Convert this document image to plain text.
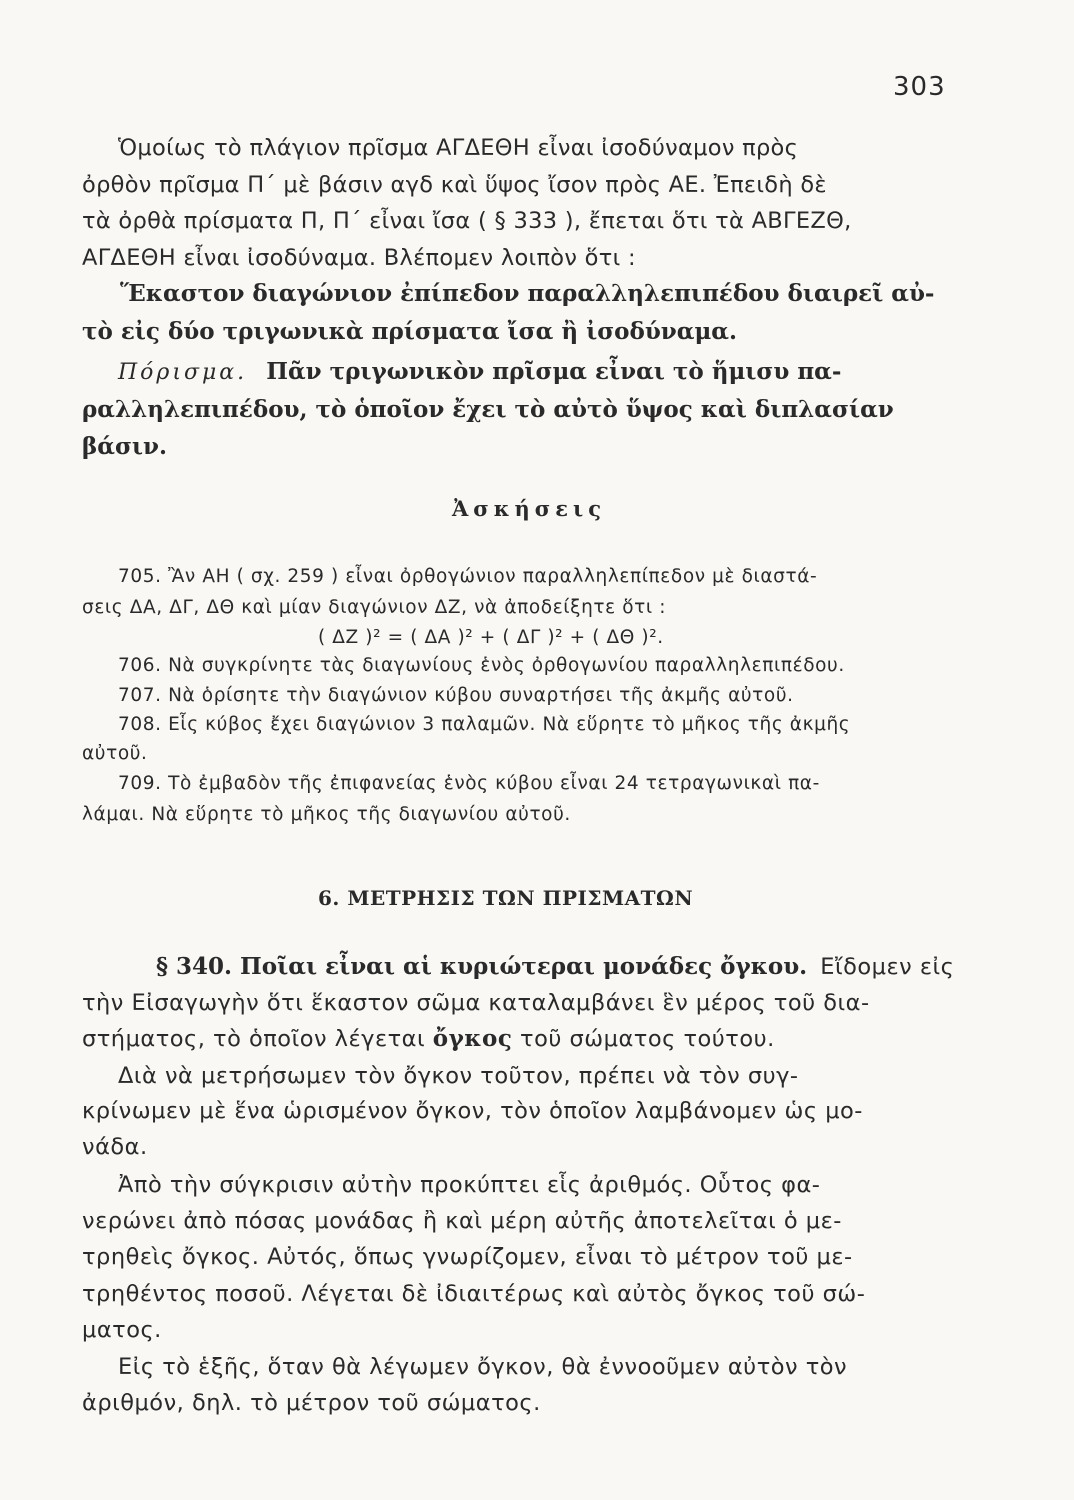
303
Ὁμοίως τὸ πλάγιον πρῖσμα ΑΓΔΕΘΗ εἶναι ἰσοδύναμον πρὸς
ὀρθὸν πρῖσμα Π΄ μὲ βάσιν αγδ καὶ ὕψος ἴσον πρὸς ΑΕ. Ἐπειδὴ δὲ
τὰ ὀρθὰ πρίσματα Π, Π΄ εἶναι ἴσα ( § 333 ), ἔπεται ὅτι τὰ ΑΒΓΕΖΘ,
ΑΓΔΕΘΗ εἶναι ἰσοδύναμα. Βλέπομεν λοιπὸν ὅτι :
Ἕκαστον διαγώνιον ἐπίπεδον παραλληλεπιπέδου διαιρεῖ αὐ-
τὸ εἰς δύο τριγωνικὰ πρίσματα ἴσα ἢ ἰσοδύναμα.
Πόρισμα. Πᾶν τριγωνικὸν πρῖσμα εἶναι τὸ ἥμισυ πα-
ραλληλεπιπέδου, τὸ ὁποῖον ἔχει τὸ αὐτὸ ὕψος καὶ διπλασίαν
βάσιν.
Ἀσκήσεις
705. Ἂν ΑΗ ( σχ. 259 ) εἶναι ὀρθογώνιον παραλληλεπίπεδον μὲ διαστά-
σεις ΔΑ, ΔΓ, ΔΘ καὶ μίαν διαγώνιον ΔΖ, νὰ ἀποδείξητε ὅτι :
( ΔΖ )² = ( ΔΑ )² + ( ΔΓ )² + ( ΔΘ )².
706. Νὰ συγκρίνητε τὰς διαγωνίους ἑνὸς ὀρθογωνίου παραλληλεπιπέδου.
707. Νὰ ὁρίσητε τὴν διαγώνιον κύβου συναρτήσει τῆς ἀκμῆς αὐτοῦ.
708. Εἷς κύβος ἔχει διαγώνιον 3 παλαμῶν. Νὰ εὕρητε τὸ μῆκος τῆς ἀκμῆς
αὐτοῦ.
709. Τὸ ἐμβαδὸν τῆς ἐπιφανείας ἑνὸς κύβου εἶναι 24 τετραγωνικαὶ πα-
λάμαι. Νὰ εὕρητε τὸ μῆκος τῆς διαγωνίου αὐτοῦ.
6. ΜΕΤΡΗΣΙΣ ΤΩΝ ΠΡΙΣΜΑΤΩΝ
§ 340. Ποῖαι εἶναι αἱ κυριώτεραι μονάδες ὄγκου. Εἴδομεν εἰς
τὴν Εἰσαγωγὴν ὅτι ἕκαστον σῶμα καταλαμβάνει ἓν μέρος τοῦ δια-
στήματος, τὸ ὁποῖον λέγεται ὄγκος τοῦ σώματος τούτου.
Διὰ νὰ μετρήσωμεν τὸν ὄγκον τοῦτον, πρέπει νὰ τὸν συγ-
κρίνωμεν μὲ ἕνα ὡρισμένον ὄγκον, τὸν ὁποῖον λαμβάνομεν ὡς μο-
νάδα.
Ἀπὸ τὴν σύγκρισιν αὐτὴν προκύπτει εἷς ἀριθμός. Οὗτος φα-
νερώνει ἀπὸ πόσας μονάδας ἢ καὶ μέρη αὐτῆς ἀποτελεῖται ὁ με-
τρηθεὶς ὄγκος. Αὐτός, ὅπως γνωρίζομεν, εἶναι τὸ μέτρον τοῦ με-
τρηθέντος ποσοῦ. Λέγεται δὲ ἰδιαιτέρως καὶ αὐτὸς ὄγκος τοῦ σώ-
ματος.
Εἰς τὸ ἑξῆς, ὅταν θὰ λέγωμεν ὄγκον, θὰ ἐννοοῦμεν αὐτὸν τὸν
ἀριθμόν, δηλ. τὸ μέτρον τοῦ σώματος.
